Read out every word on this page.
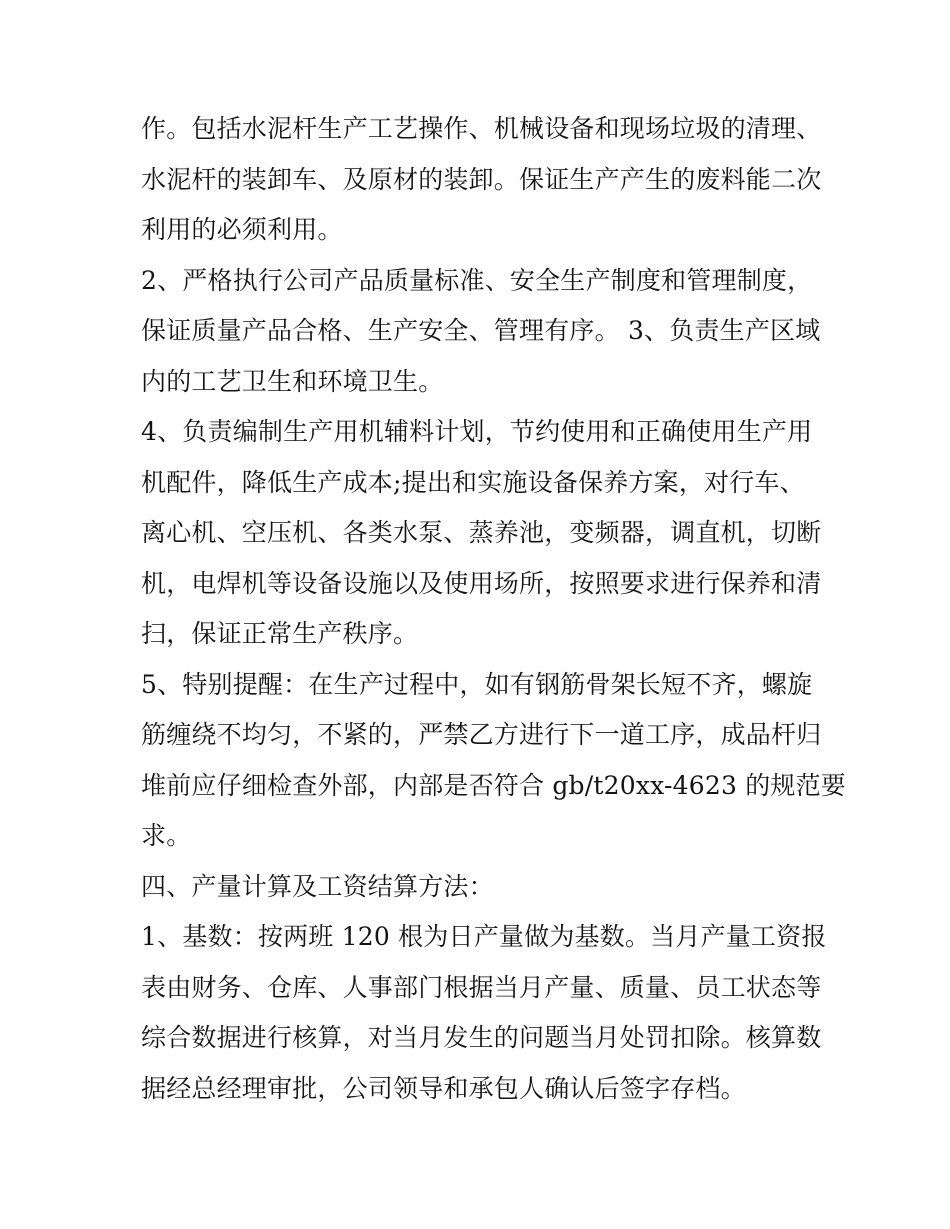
作。包括水泥杆生产工艺操作、机械设备和现场垃圾的清理、
水泥杆的装卸车、及原材的装卸。保证生产产生的废料能二次
利用的必须利用。
2、严格执行公司产品质量标准、安全生产制度和管理制度，
保证质量产品合格、生产安全、管理有序。 3、负责生产区域
内的工艺卫生和环境卫生。
4、负责编制生产用机辅料计划，节约使用和正确使用生产用
机配件，降低生产成本;提出和实施设备保养方案，对行车、
离心机、空压机、各类水泵、蒸养池，变频器，调直机，切断
机，电焊机等设备设施以及使用场所，按照要求进行保养和清
扫，保证正常生产秩序。
5、特别提醒：在生产过程中，如有钢筋骨架长短不齐，螺旋
筋缠绕不均匀，不紧的，严禁乙方进行下一道工序，成品杆归
堆前应仔细检查外部，内部是否符合 gb/t20xx-4623 的规范要
求。
四、产量计算及工资结算方法：
1、基数：按两班 120 根为日产量做为基数。当月产量工资报
表由财务、仓库、人事部门根据当月产量、质量、员工状态等
综合数据进行核算，对当月发生的问题当月处罚扣除。核算数
据经总经理审批，公司领导和承包人确认后签字存档。
